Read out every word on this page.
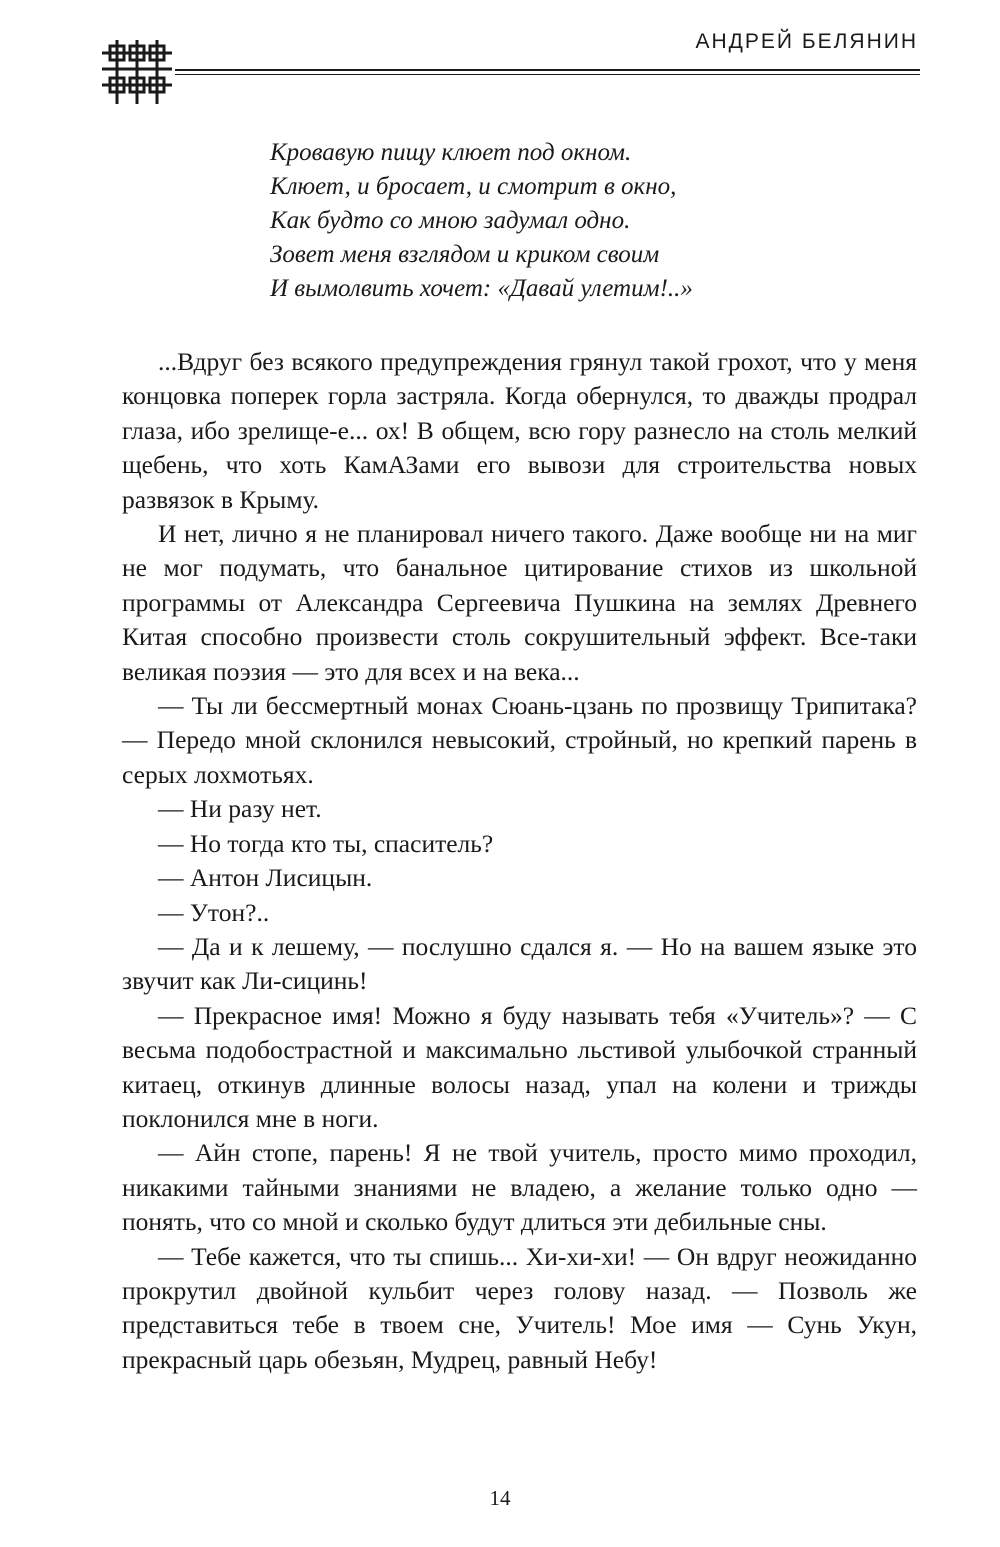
АНДРЕЙ БЕЛЯНИН
Кровавую пищу клюет под окном.
Клюет, и бросает, и смотрит в окно,
Как будто со мною задумал одно.
Зовет меня взглядом и криком своим
И вымолвить хочет: «Давай улетим!..»

...Вдруг без всякого предупреждения грянул такой грохот, что у меня концовка поперек горла застряла. Когда обернулся, то дважды продрал глаза, ибо зрелище-е... ох! В общем, всю гору разнесло на столь мелкий щебень, что хоть КамАЗами его вывози для строительства новых развязок в Крыму.

И нет, лично я не планировал ничего такого. Даже вообще ни на миг не мог подумать, что банальное цитирование стихов из школьной программы от Александра Сергеевича Пушкина на землях Древнего Китая способно произвести столь сокрушительный эффект. Все-таки великая поэзия — это для всех и на века...

— Ты ли бессмертный монах Сюань-цзань по прозвищу Трипитака? — Передо мной склонился невысокий, стройный, но крепкий парень в серых лохмотьях.

— Ни разу нет.

— Но тогда кто ты, спаситель?

— Антон Лисицын.

— Утон?..

— Да и к лешему, — послушно сдался я. — Но на вашем языке это звучит как Ли-сицинь!

— Прекрасное имя! Можно я буду называть тебя «Учитель»? — С весьма подобострастной и максимально льстивой улыбочкой странный китаец, откинув длинные волосы назад, упал на колени и трижды поклонился мне в ноги.

— Айн стопе, парень! Я не твой учитель, просто мимо проходил, никакими тайными знаниями не владею, а желание только одно — понять, что со мной и сколько будут длиться эти дебильные сны.

— Тебе кажется, что ты спишь... Хи-хи-хи! — Он вдруг неожиданно прокрутил двойной кульбит через голову назад. — Позволь же представиться тебе в твоем сне, Учитель! Мое имя — Сунь Укун, прекрасный царь обезьян, Мудрец, равный Небу!

14
